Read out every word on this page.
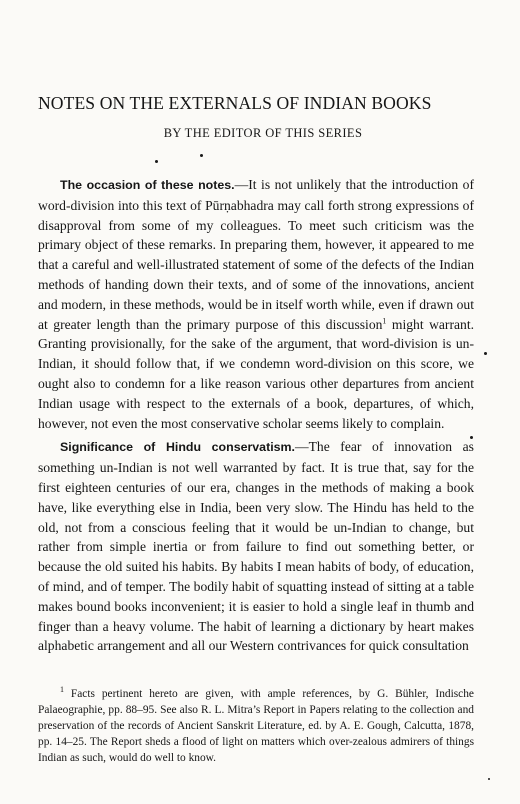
NOTES ON THE EXTERNALS OF INDIAN BOOKS
BY THE EDITOR OF THIS SERIES

The occasion of these notes.—It is not unlikely that the introduction of word-division into this text of Pūrṇabhadra may call forth strong expressions of disapproval from some of my colleagues. To meet such criticism was the primary object of these remarks. In preparing them, however, it appeared to me that a careful and well-illustrated statement of some of the defects of the Indian methods of handing down their texts, and of some of the innovations, ancient and modern, in these methods, would be in itself worth while, even if drawn out at greater length than the primary purpose of this discussion$^1$ might warrant. Granting provisionally, for the sake of the argument, that word-division is un-Indian, it should follow that, if we condemn word-division on this score, we ought also to condemn for a like reason various other departures from ancient Indian usage with respect to the externals of a book, departures, of which, however, not even the most conservative scholar seems likely to complain.

Significance of Hindu conservatism.—The fear of innovation as something un-Indian is not well warranted by fact. It is true that, say for the first eighteen centuries of our era, changes in the methods of making a book have, like everything else in India, been very slow. The Hindu has held to the old, not from a conscious feeling that it would be un-Indian to change, but rather from simple inertia or from failure to find out something better, or because the old suited his habits. By habits I mean habits of body, of education, of mind, and of temper. The bodily habit of squatting instead of sitting at a table makes bound books inconvenient; it is easier to hold a single leaf in thumb and finger than a heavy volume. The habit of learning a dictionary by heart makes alphabetic arrangement and all our Western contrivances for quick consultation

$^1$ Facts pertinent hereto are given, with ample references, by G. Bühler, Indische Palaeographie, pp. 88–95. See also R. L. Mitra’s Report in Papers relating to the collection and preservation of the records of Ancient Sanskrit Literature, ed. by A. E. Gough, Calcutta, 1878, pp. 14–25. The Report sheds a flood of light on matters which over-zealous admirers of things Indian as such, would do well to know.
